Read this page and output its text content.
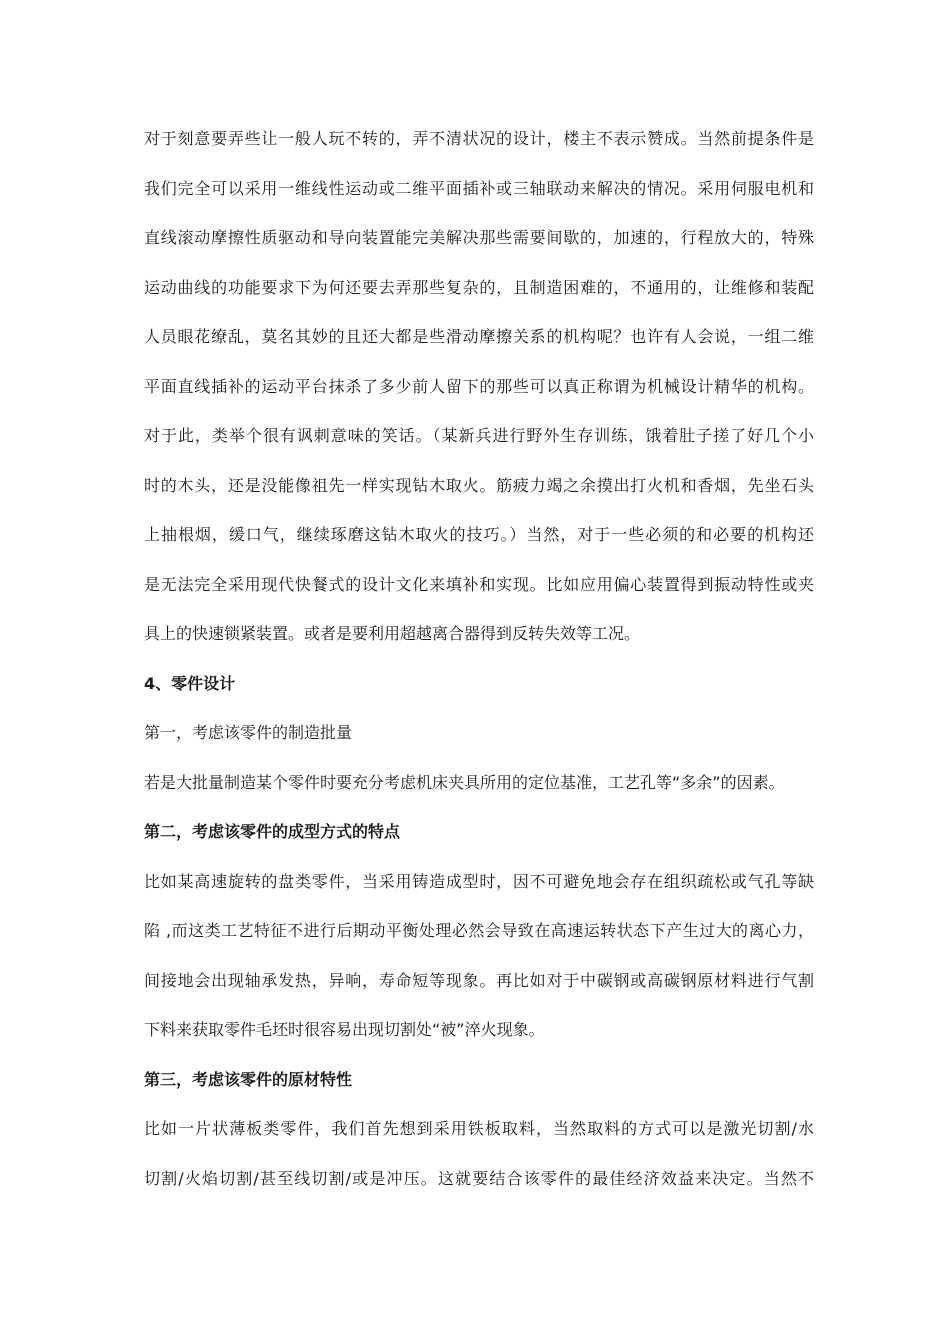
对于刻意要弄些让一般人玩不转的，弄不清状况的设计，楼主不表示赞成。当然前提条件是
我们完全可以采用一维线性运动或二维平面插补或三轴联动来解决的情况。采用伺服电机和
直线滚动摩擦性质驱动和导向装置能完美解决那些需要间歇的，加速的，行程放大的，特殊
运动曲线的功能要求下为何还要去弄那些复杂的，且制造困难的，不通用的，让维修和装配
人员眼花缭乱，莫名其妙的且还大都是些滑动摩擦关系的机构呢？也许有人会说，一组二维
平面直线插补的运动平台抹杀了多少前人留下的那些可以真正称谓为机械设计精华的机构。
对于此，类举个很有讽刺意味的笑话。（某新兵进行野外生存训练，饿着肚子搓了好几个小
时的木头，还是没能像祖先一样实现钻木取火。筋疲力竭之余摸出打火机和香烟，先坐石头
上抽根烟，缓口气，继续琢磨这钻木取火的技巧。）当然，对于一些必须的和必要的机构还
是无法完全采用现代快餐式的设计文化来填补和实现。比如应用偏心装置得到振动特性或夹
具上的快速锁紧装置。或者是要利用超越离合器得到反转失效等工况。
4、零件设计
第一，考虑该零件的制造批量
若是大批量制造某个零件时要充分考虑机床夹具所用的定位基准，工艺孔等“多余”的因素。
第二，考虑该零件的成型方式的特点
比如某高速旋转的盘类零件，当采用铸造成型时，因不可避免地会存在组织疏松或气孔等缺
陷 ,而这类工艺特征不进行后期动平衡处理必然会导致在高速运转状态下产生过大的离心力，
间接地会出现轴承发热，异响，寿命短等现象。再比如对于中碳钢或高碳钢原材料进行气割
下料来获取零件毛坯时很容易出现切割处“被”淬火现象。
第三，考虑该零件的原材特性
比如一片状薄板类零件，我们首先想到采用铁板取料，当然取料的方式可以是激光切割/水
切割/火焰切割/甚至线切割/或是冲压。这就要结合该零件的最佳经济效益来决定。当然不
